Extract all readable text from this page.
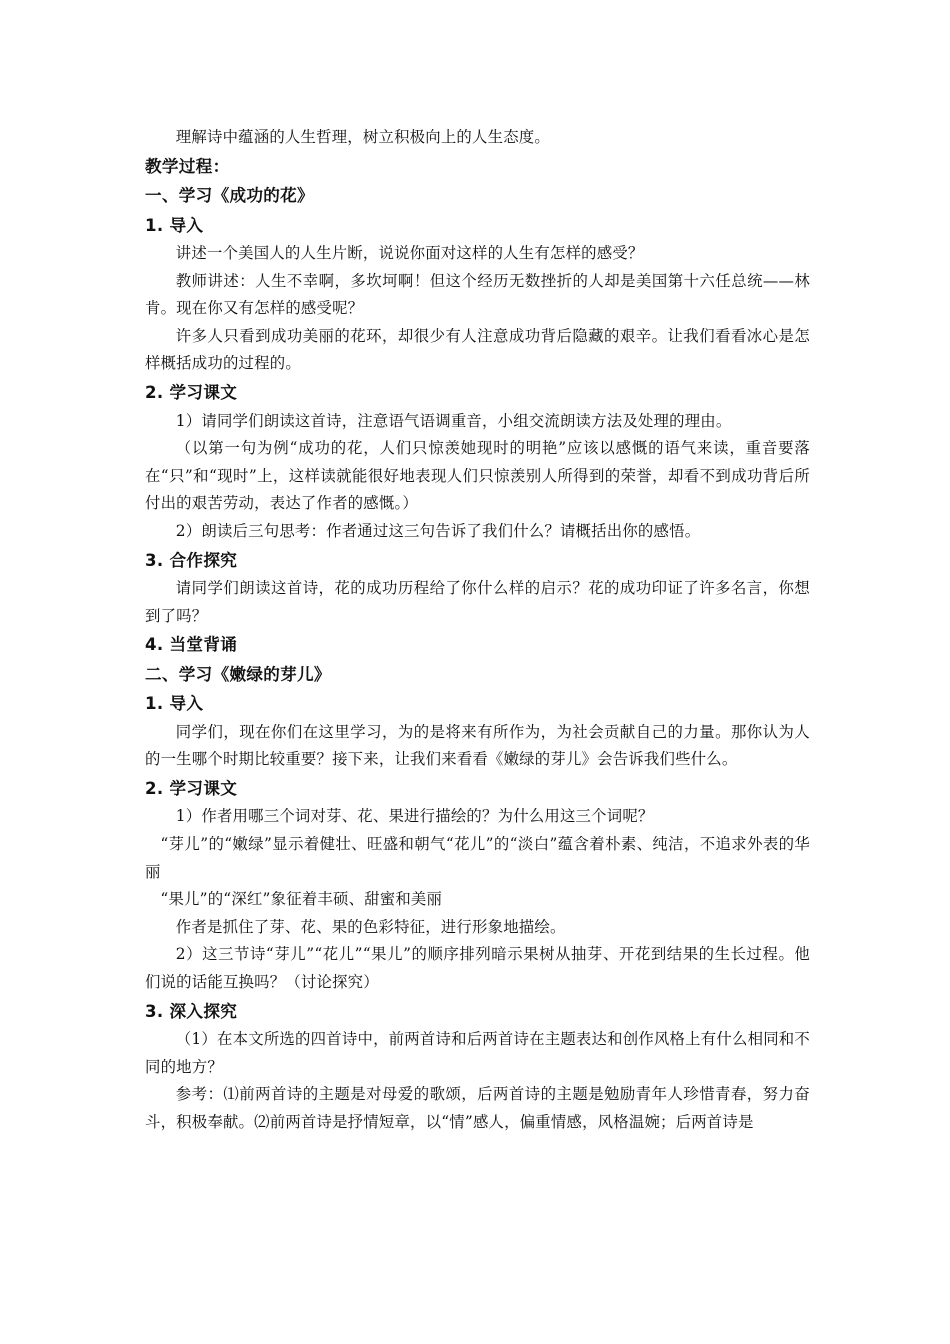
理解诗中蕴涵的人生哲理，树立积极向上的人生态度。

教学过程：
一、学习《成功的花》
1. 导入

讲述一个美国人的人生片断，说说你面对这样的人生有怎样的感受？

教师讲述：人生不幸啊，多坎坷啊！但这个经历无数挫折的人却是美国第十六任总统——林肯。现在你又有怎样的感受呢？

许多人只看到成功美丽的花环，却很少有人注意成功背后隐藏的艰辛。让我们看看冰心是怎样概括成功的过程的。

2. 学习课文

1）请同学们朗读这首诗，注意语气语调重音，小组交流朗读方法及处理的理由。

（以第一句为例“成功的花，人们只惊羡她现时的明艳”应该以感慨的语气来读，重音要落在“只”和“现时”上，这样读就能很好地表现人们只惊羡别人所得到的荣誉，却看不到成功背后所付出的艰苦劳动，表达了作者的感慨。）

2）朗读后三句思考：作者通过这三句告诉了我们什么？请概括出你的感悟。

3. 合作探究

请同学们朗读这首诗，花的成功历程给了你什么样的启示？花的成功印证了许多名言，你想到了吗？

4. 当堂背诵
二、学习《嫩绿的芽儿》
1. 导入

同学们，现在你们在这里学习，为的是将来有所作为，为社会贡献自己的力量。那你认为人的一生哪个时期比较重要？接下来，让我们来看看《嫩绿的芽儿》会告诉我们些什么。

2. 学习课文

1）作者用哪三个词对芽、花、果进行描绘的？为什么用这三个词呢？

“芽儿”的“嫩绿”显示着健壮、旺盛和朝气“花儿”的“淡白”蕴含着朴素、纯洁，不追求外表的华丽

“果儿”的“深红”象征着丰硕、甜蜜和美丽

作者是抓住了芽、花、果的色彩特征，进行形象地描绘。

2）这三节诗“芽儿”“花儿”“果儿”的顺序排列暗示果树从抽芽、开花到结果的生长过程。他们说的话能互换吗？（讨论探究）

3. 深入探究

（1）在本文所选的四首诗中，前两首诗和后两首诗在主题表达和创作风格上有什么相同和不同的地方？

参考：⑴前两首诗的主题是对母爱的歌颂，后两首诗的主题是勉励青年人珍惜青春，努力奋斗，积极奉献。⑵前两首诗是抒情短章，以“情”感人，偏重情感，风格温婉；后两首诗是
